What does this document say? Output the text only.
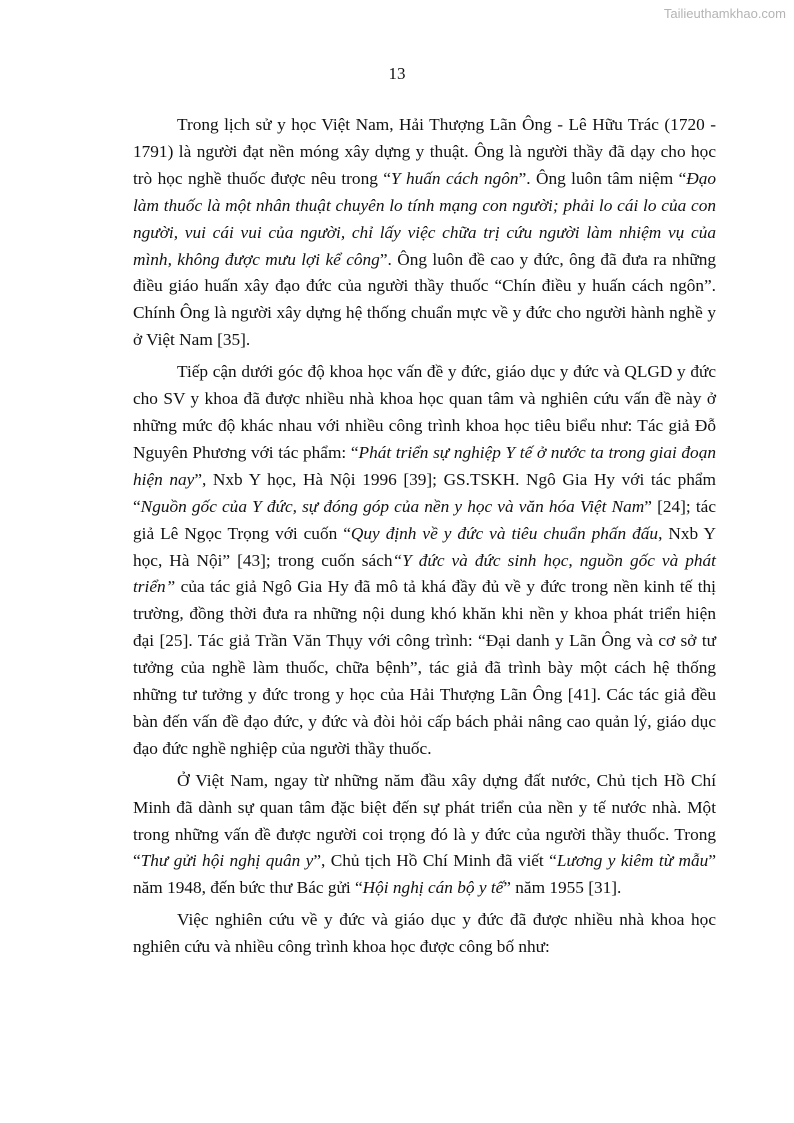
Tailieuthamkhao.com
13

Trong lịch sử y học Việt Nam, Hải Thượng Lãn Ông - Lê Hữu Trác (1720 - 1791) là người đạt nền móng xây dựng y thuật. Ông là người thầy đã dạy cho học trò học nghề thuốc được nêu trong “Y huấn cách ngôn”. Ông luôn tâm niệm “Đạo làm thuốc là một nhân thuật chuyên lo tính mạng con người; phải lo cái lo của con người, vui cái vui của người, chỉ lấy việc chữa trị cứu người làm nhiệm vụ của mình, không được mưu lợi kể công”. Ông luôn đề cao y đức, ông đã đưa ra những điều giáo huấn xây đạo đức của người thầy thuốc “Chín điều y huấn cách ngôn”. Chính Ông là người xây dựng hệ thống chuẩn mực về y đức cho người hành nghề y ở Việt Nam [35].

Tiếp cận dưới góc độ khoa học vấn đề y đức, giáo dục y đức và QLGD y đức cho SV y khoa đã được nhiều nhà khoa học quan tâm và nghiên cứu vấn đề này ở những mức độ khác nhau với nhiều công trình khoa học tiêu biểu như: Tác giả Đỗ Nguyên Phương với tác phẩm: “Phát triển sự nghiệp Y tế ở nước ta trong giai đoạn hiện nay”, Nxb Y học, Hà Nội 1996 [39]; GS.TSKH. Ngô Gia Hy với tác phẩm “Nguồn gốc của Y đức, sự đóng góp của nền y học và văn hóa Việt Nam” [24]; tác giả Lê Ngọc Trọng với cuốn “Quy định về y đức và tiêu chuẩn phấn đấu, Nxb Y học, Hà Nội” [43]; trong cuốn sách“Y đức và đức sinh học, nguồn gốc và phát triển” của tác giả Ngô Gia Hy đã mô tả khá đầy đủ về y đức trong nền kinh tế thị trường, đồng thời đưa ra những nội dung khó khăn khi nền y khoa phát triển hiện đại [25]. Tác giả Trần Văn Thụy với công trình: “Đại danh y Lãn Ông và cơ sở tư tưởng của nghề làm thuốc, chữa bệnh”, tác giả đã trình bày một cách hệ thống những tư tưởng y đức trong y học của Hải Thượng Lãn Ông [41]. Các tác giả đều bàn đến vấn đề đạo đức, y đức và đòi hỏi cấp bách phải nâng cao quản lý, giáo dục đạo đức nghề nghiệp của người thầy thuốc.

Ở Việt Nam, ngay từ những năm đầu xây dựng đất nước, Chủ tịch Hồ Chí Minh đã dành sự quan tâm đặc biệt đến sự phát triển của nền y tế nước nhà. Một trong những vấn đề được người coi trọng đó là y đức của người thầy thuốc. Trong “Thư gửi hội nghị quân y”, Chủ tịch Hồ Chí Minh đã viết “Lương y kiêm từ mẫu” năm 1948, đến bức thư Bác gửi “Hội nghị cán bộ y tế” năm 1955 [31].

Việc nghiên cứu về y đức và giáo dục y đức đã được nhiều nhà khoa học nghiên cứu và nhiều công trình khoa học được công bố như:
